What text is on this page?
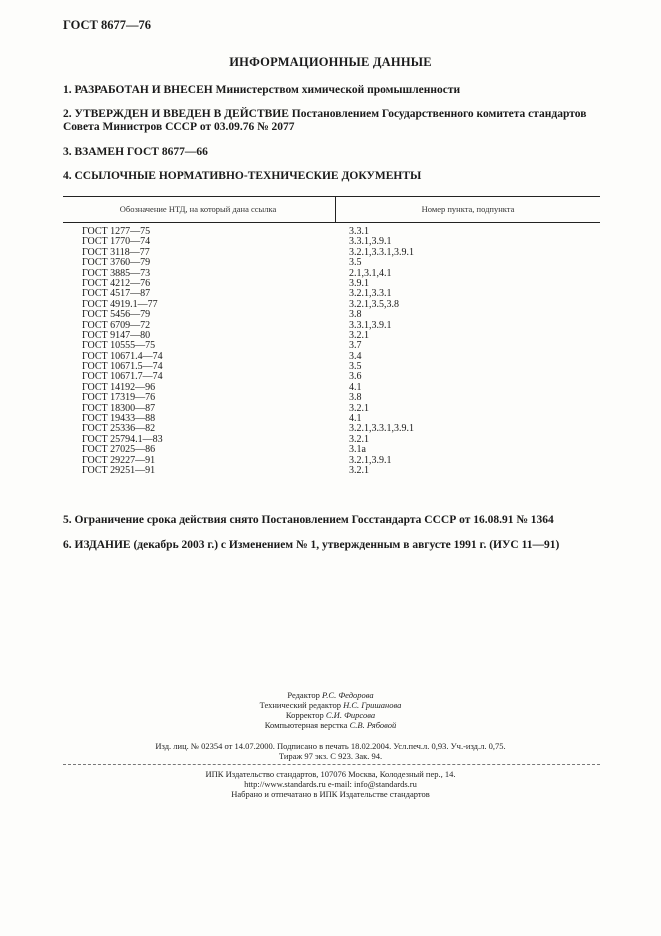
ГОСТ 8677—76
ИНФОРМАЦИОННЫЕ ДАННЫЕ
1. РАЗРАБОТАН И ВНЕСЕН Министерством химической промышленности
2. УТВЕРЖДЕН И ВВЕДЕН В ДЕЙСТВИЕ Постановлением Государственного комитета стандартов Совета Министров СССР от 03.09.76 № 2077
3. ВЗАМЕН ГОСТ 8677—66
4. ССЫЛОЧНЫЕ НОРМАТИВНО-ТЕХНИЧЕСКИЕ ДОКУМЕНТЫ
Обозначение НТД, на который дана ссылка	Номер пункта, подпункта
ГОСТ 1277—75	3.3.1
ГОСТ 1770—74	3.3.1,3.9.1
ГОСТ 3118—77	3.2.1,3.3.1,3.9.1
ГОСТ 3760—79	3.5
ГОСТ 3885—73	2.1,3.1,4.1
ГОСТ 4212—76	3.9.1
ГОСТ 4517—87	3.2.1,3.3.1
ГОСТ 4919.1—77	3.2.1,3.5,3.8
ГОСТ 5456—79	3.8
ГОСТ 6709—72	3.3.1,3.9.1
ГОСТ 9147—80	3.2.1
ГОСТ 10555—75	3.7
ГОСТ 10671.4—74	3.4
ГОСТ 10671.5—74	3.5
ГОСТ 10671.7—74	3.6
ГОСТ 14192—96	4.1
ГОСТ 17319—76	3.8
ГОСТ 18300—87	3.2.1
ГОСТ 19433—88	4.1
ГОСТ 25336—82	3.2.1,3.3.1,3.9.1
ГОСТ 25794.1—83	3.2.1
ГОСТ 27025—86	3.1а
ГОСТ 29227—91	3.2.1,3.9.1
ГОСТ 29251—91	3.2.1
5. Ограничение срока действия снято Постановлением Госстандарта СССР от 16.08.91 № 1364
6. ИЗДАНИЕ (декабрь 2003 г.) с Изменением № 1, утвержденным в августе 1991 г. (ИУС 11—91)
Редактор Р.С. Федорова
Технический редактор Н.С. Гришанова
Корректор С.И. Фирсова
Компьютерная верстка С.В. Рябовой
Изд. лиц. № 02354 от 14.07.2000. Подписано в печать 18.02.2004. Усл.печ.л. 0,93. Уч.-изд.л. 0,75.
Тираж 97 экз. С 923. Зак. 94.
ИПК Издательство стандартов, 107076 Москва, Колодезный пер., 14.
http://www.standards.ru e-mail: info@standards.ru
Набрано и отпечатано в ИПК Издательстве стандартов
